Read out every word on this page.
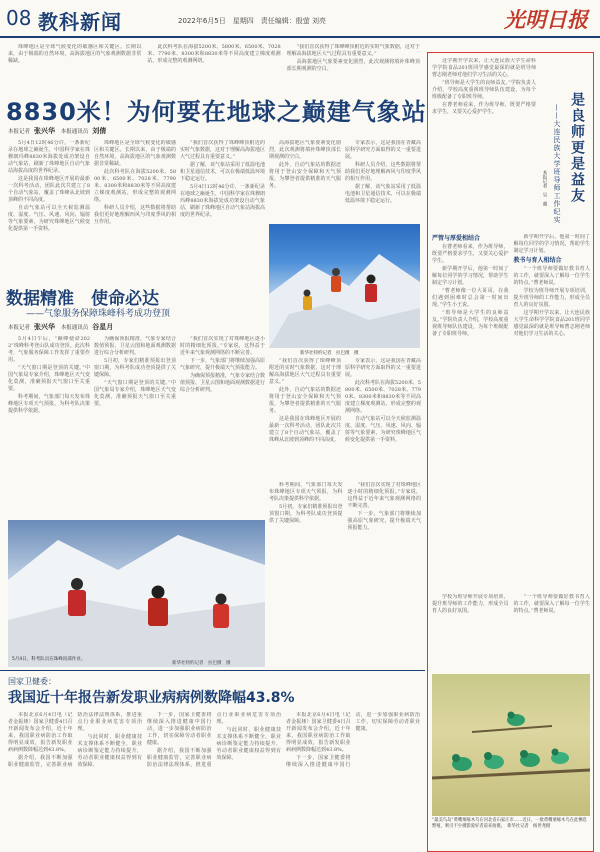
08 教科新闻	2022年6月5日　星期四　责任编辑：殷萤 刘亮	光明日报

珠峰地区是全球气候变化的敏感区和关键区。长期以来，由于极端的自然环境，高海拔地区的气象观测数据非常稀缺。

此次科考队在海拔5200米、5800米、6500米、7028米、7790米、8300米和8830米等不同高度建立梯度观测站，形成完整的观测网络。

“我们首次获得了珠峰峰顶附近的实时气象数据，这对于理解高海拔地区大气过程具有重要意义。”

高海拔地区气象要素变化剧烈，此次观测将填补珠峰顶部长期观测的空白。

8830米！为何要在地球之巅建气象站
本报记者 张兴华 本报通讯员 刘倩

5月4日12时46分许，一条新纪录在地球之巅诞生，中国科学家在珠穆朗玛峰8830米海拔处成功架设自动气象站，刷新了珠峰地区自动气象站海拔高度的世界纪录。

这是我国在珠峰地区开展的最新一次科考活动，团队此次共建立了8个自动气象站，覆盖了珠峰从北坡到顶峰的不同高度。

自动气象站可以全天候监测温度、湿度、气压、风速、风向、辐射等气象要素，为研究珠峰地区气候变化提供第一手资料。

珠峰地区是全球气候变化的敏感区和关键区。长期以来，由于极端的自然环境，高海拔地区的气象观测数据非常稀缺。

此次科考队在海拔5200米、5800米、6500米、7028米、7790米、8300米和8830米等不同高度建立梯度观测站，形成完整的观测网络。

科研人员介绍，这些数据将帮助我们更好地理解西风与印度季风的相互作用。

“我们首次获得了珠峰峰顶附近的实时气象数据，这对于理解高海拔地区大气过程具有重要意义。”

据了解，该气象站采用了低温电池和卫星通信技术，可以在极端低温环境下稳定运行。

5月4日12时46分许，一条新纪录在地球之巅诞生，中国科学家在珠穆朗玛峰8830米海拔处成功架设自动气象站，刷新了珠峰地区自动气象站海拔高度的世界纪录。

高海拔地区气象要素变化剧烈，此次观测将填补珠峰顶部长期观测的空白。

此外，自动气象站的数据还将用于登山安全保障和天气预报，为攀登者提供精准的天气服务。

专家表示，这是我国在青藏高原科学研究方面取得的又一重要进展。

科研人员介绍，这些数据将帮助我们更好地理解西风与印度季风的相互作用。

据了解，该气象站采用了低温电池和卫星通信技术，可以在极端低温环境下稳定运行。

新华社特约记者　拉巴摄　摄

“我们首次获得了珠峰峰顶附近的实时气象数据，这对于理解高海拔地区大气过程具有重要意义。”

此外，自动气象站的数据还将用于登山安全保障和天气预报，为攀登者提供精准的天气服务。

这是我国在珠峰地区开展的最新一次科考活动，团队此次共建立了8个自动气象站，覆盖了珠峰从北坡到顶峰的不同高度。

专家表示，这是我国在青藏高原科学研究方面取得的又一重要进展。

此次科考队在海拔5200米、5800米、6500米、7028米、7790米、8300米和8830米等不同高度建立梯度观测站，形成完整的观测网络。

自动气象站可以全天候监测温度、湿度、气压、风速、风向、辐射等气象要素，为研究珠峰地区气候变化提供第一手资料。

数据精准　使命必达
——气象服务保障珠峰科考成功登顶
本报记者 张兴华 本报通讯员 谷星月

5月4日午后，“巅峰使命2022”珠峰科考登山队成功登顶。此次科考，气象服务保障工作发挥了重要作用。

“天气窗口期是登顶的关键。”中国气象局专家介绍，珠峰地区天气变化莫测，准确预报天气窗口至关重要。

科考期间，气象部门每天发布珠峰地区专项天气预报，为科考队决策提供科学依据。

为确保预报精准，气象专家结合数值预报、卫星云图和地面观测数据进行综合分析研判。

5月初，专家们精准预报出登顶窗口期，为科考队成功登顶提供了关键保障。

“天气窗口期是登顶的关键。”中国气象局专家介绍，珠峰地区天气变化莫测，准确预报天气窗口至关重要。

“我们首次实现了对珠峰地区逐小时的精细化预报。”专家说，这得益于近年来气象观测网络的不断完善。

下一步，气象部门将继续加强高原气象研究，提升极端天气预报能力。

为确保预报精准，气象专家结合数值预报、卫星云图和地面观测数据进行综合分析研判。

科考期间，气象部门每天发布珠峰地区专项天气预报，为科考队决策提供科学依据。

5月初，专家们精准预报出登顶窗口期，为科考队成功登顶提供了关键保障。

“我们首次实现了对珠峰地区逐小时的精细化预报。”专家说，这得益于近年来气象观测网络的不断完善。

下一步，气象部门将继续加强高原气象研究，提升极端天气预报能力。

5月4日，科考队员在珠峰顶部作业。
新华社特约记者　拉巴摄　摄
是良师更是益友
——大连民族大学班导师工作纪实
本报记者　吴　蔺

这学期开学以来，让大连民族大学生命科学学院食品201班同学感觉最深的就是班导师曹志刚老师对他们学习生活的关心。

“班导师是大学生的良师益友。”学院负责人介绍，学校高度重视班导师队伍建设，为每个班级配备了专职班导师。

在曹老师看来，作为班导师，既要严格要求学生，又要关心爱护学生。

严管与厚爱相结合

在曹老师看来，作为班导师，既要严格要求学生，又要关心爱护学生。

新学期开学后，他第一时间了解每位同学的学习情况，帮助学生制定学习计划。

“曹老师像一位大哥哥，在我们遇到困难时总会第一时间出现。”学生小王说。

“班导师是大学生的良师益友。”学院负责人介绍，学校高度重视班导师队伍建设，为每个班级配备了专职班导师。

新学期开学后，他第一时间了解每位同学的学习情况，帮助学生制定学习计划。

教书与育人相结合

“一个班导师要做好教书育人的工作，就要深入了解每一位学生的特点。”曹老师说。

学校为班导师开展专项培训，提升班导师的工作能力，形成全员育人的良好氛围。

这学期开学以来，让大连民族大学生命科学学院食品201班同学感觉最深的就是班导师曹志刚老师对他们学习生活的关心。

学校为班导师开展专项培训，提升班导师的工作能力，形成全员育人的良好氛围。

“一个班导师要做好教书育人的工作，就要深入了解每一位学生的特点。”曹老师说。

“最美鸟岛”黄嘴栗啄木鸟在河北省石家庄市……近日，一批黄嘴栗啄木鸟在此栖息繁殖，吸引不少摄影爱好者前来拍摄。　新华社记者　杨世尧摄
国家卫健委：
我国近十年报告新发职业病病例数降幅43.8%

本报北京6月4日电（记者金振娅）国家卫健委4日召开新闻发布会介绍，近十年来，我国职业病防治工作取得明显成效，报告新发职业病病例数降幅达到43.8%。

据介绍，我国不断加强职业健康监管，完善职业病防治法律法规体系，推进重点行业职业病危害专项治理。

与此同时，职业健康技术支撑体系不断健全，职业病诊断鉴定能力持续提升，劳动者职业健康权益得到有效保障。

下一步，国家卫健委将继续深入推进健康中国行动，进一步加强职业病防治工作，切实保障劳动者职业健康。

据介绍，我国不断加强职业健康监管，完善职业病防治法律法规体系，推进重点行业职业病危害专项治理。

与此同时，职业健康技术支撑体系不断健全，职业病诊断鉴定能力持续提升，劳动者职业健康权益得到有效保障。

本报北京6月4日电（记者金振娅）国家卫健委4日召开新闻发布会介绍，近十年来，我国职业病防治工作取得明显成效，报告新发职业病病例数降幅达到43.8%。

下一步，国家卫健委将继续深入推进健康中国行动，进一步加强职业病防治工作，切实保障劳动者职业健康。
